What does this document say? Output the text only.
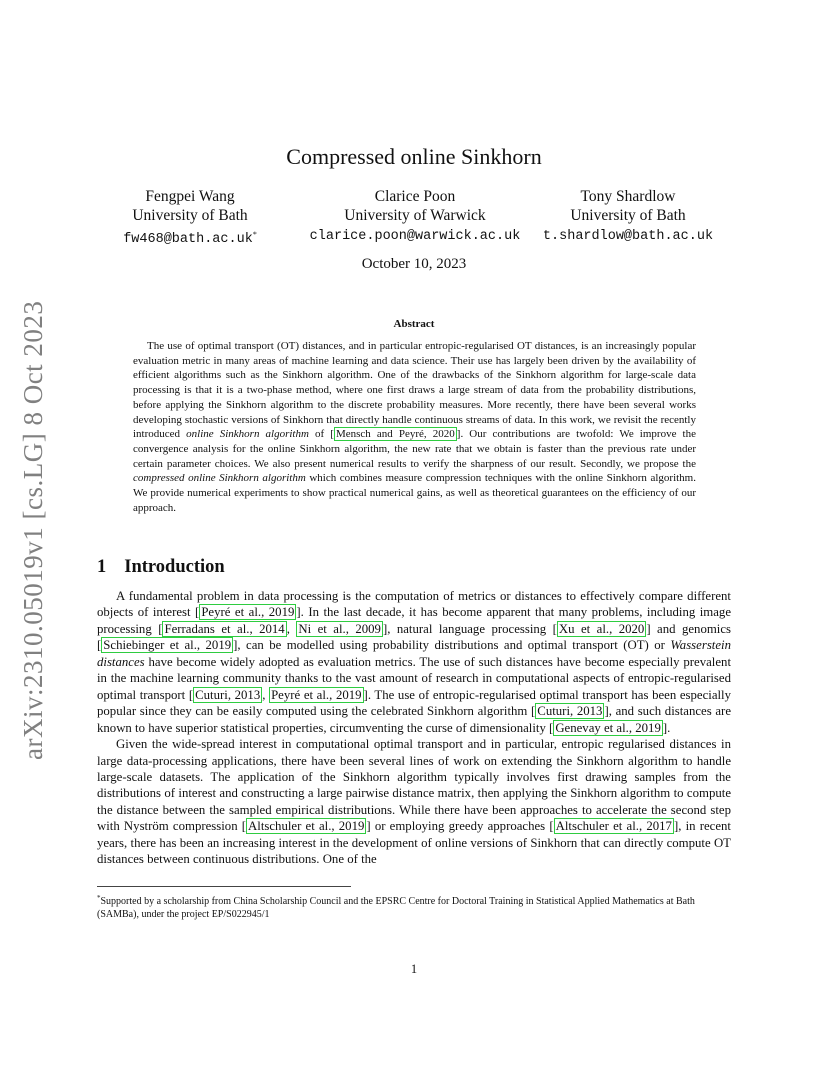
arXiv:2310.05019v1 [cs.LG] 8 Oct 2023
Compressed online Sinkhorn
Fengpei Wang
University of Bath
fw468@bath.ac.uk*
Clarice Poon
University of Warwick
clarice.poon@warwick.ac.uk
Tony Shardlow
University of Bath
t.shardlow@bath.ac.uk
October 10, 2023
Abstract

The use of optimal transport (OT) distances, and in particular entropic-regularised OT distances, is an increasingly popular evaluation metric in many areas of machine learning and data science. Their use has largely been driven by the availability of efficient algorithms such as the Sinkhorn algorithm. One of the drawbacks of the Sinkhorn algorithm for large-scale data processing is that it is a two-phase method, where one first draws a large stream of data from the probability distributions, before applying the Sinkhorn algorithm to the discrete probability measures. More recently, there have been several works developing stochastic versions of Sinkhorn that directly handle continuous streams of data. In this work, we revisit the recently introduced online Sinkhorn algorithm of [ Mensch and Peyré, 2020 ]. Our contributions are twofold: We improve the convergence analysis for the online Sinkhorn algorithm, the new rate that we obtain is faster than the previous rate under certain parameter choices. We also present numerical results to verify the sharpness of our result. Secondly, we propose the compressed online Sinkhorn algorithm which combines measure compression techniques with the online Sinkhorn algorithm. We provide numerical experiments to show practical numerical gains, as well as theoretical guarantees on the efficiency of our approach.

1 Introduction

A fundamental problem in data processing is the computation of metrics or distances to effectively compare different objects of interest [ Peyré et al., 2019 ]. In the last decade, it has become apparent that many problems, including image processing [ Ferradans et al., 2014 , Ni et al., 2009 ], natural language processing [ Xu et al., 2020 ] and genomics [ Schiebinger et al., 2019 ], can be modelled using probability distributions and optimal transport (OT) or Wasserstein distances have become widely adopted as evaluation metrics. The use of such distances have become especially prevalent in the machine learning community thanks to the vast amount of research in computational aspects of entropic-regularised optimal transport [ Cuturi, 2013 , Peyré et al., 2019 ]. The use of entropic-regularised optimal transport has been especially popular since they can be easily computed using the celebrated Sinkhorn algorithm [ Cuturi, 2013 ], and such distances are known to have superior statistical properties, circumventing the curse of dimensionality [ Genevay et al., 2019 ].

Given the wide-spread interest in computational optimal transport and in particular, entropic regularised distances in large data-processing applications, there have been several lines of work on extending the Sinkhorn algorithm to handle large-scale datasets. The application of the Sinkhorn algorithm typically involves first drawing samples from the distributions of interest and constructing a large pairwise distance matrix, then applying the Sinkhorn algorithm to compute the distance between the sampled empirical distributions. While there have been approaches to accelerate the second step with Nyström compression [ Altschuler et al., 2019 ] or employing greedy approaches [ Altschuler et al., 2017 ], in recent years, there has been an increasing interest in the development of online versions of Sinkhorn that can directly compute OT distances between continuous distributions. One of the

*Supported by a scholarship from China Scholarship Council and the EPSRC Centre for Doctoral Training in Statistical Applied Mathematics at Bath (SAMBa), under the project EP/S022945/1

1
